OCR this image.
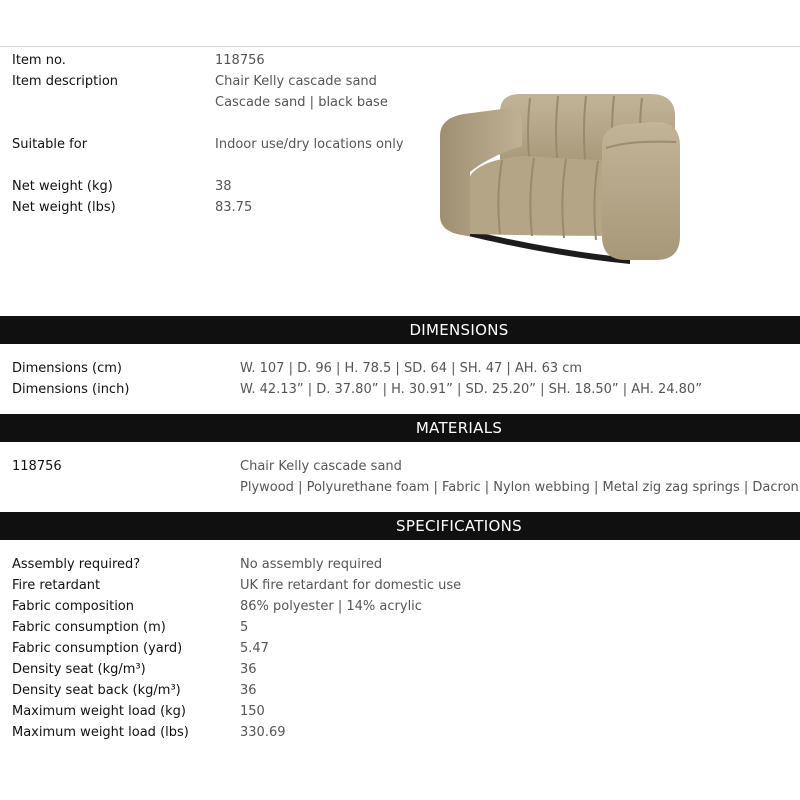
Item no.	118756
Item description	Chair Kelly cascade sand
Cascade sand | black base
Suitable for	Indoor use/dry locations only
Net weight (kg)	38
Net weight (lbs)	83.75
DIMENSIONS
Dimensions (cm)	W. 107 | D. 96 | H. 78.5 | SD. 64 | SH. 47 | AH. 63 cm
Dimensions (inch)	W. 42.13” | D. 37.80” | H. 30.91” | SD. 25.20” | SH. 18.50” | AH. 24.80”
MATERIALS
118756	Chair Kelly cascade sand
Plywood | Polyurethane foam | Fabric | Nylon webbing | Metal zig zag springs | Dacron
SPECIFICATIONS
Assembly required?	No assembly required
Fire retardant	UK fire retardant for domestic use
Fabric composition	86% polyester | 14% acrylic
Fabric consumption (m)	5
Fabric consumption (yard)	5.47
Density seat (kg/m³)	36
Density seat back (kg/m³)	36
Maximum weight load (kg)	150
Maximum weight load (lbs)	330.69
